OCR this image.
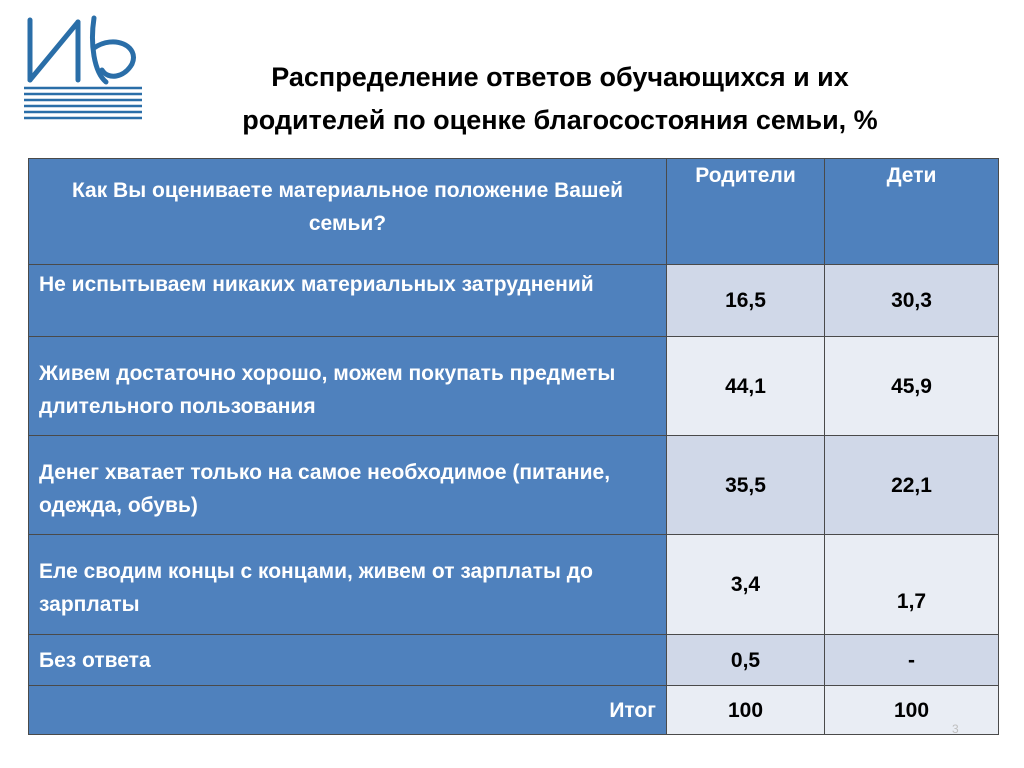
Распределение ответов обучающихся и их
родителей по оценке благосостояния семьи, %
Как Вы оцениваете материальное положение Вашей семьи?	Родители	Дети
Не испытываем никаких материальных затруднений	16,5	30,3
Живем достаточно хорошо, можем покупать предметы длительного пользования	44,1	45,9
Денег хватает только на самое необходимое (питание, одежда, обувь)	35,5	22,1
Еле сводим концы с концами, живем от зарплаты до зарплаты	3,4	1,7
Без ответа	0,5	-
Итог	100	100
3
